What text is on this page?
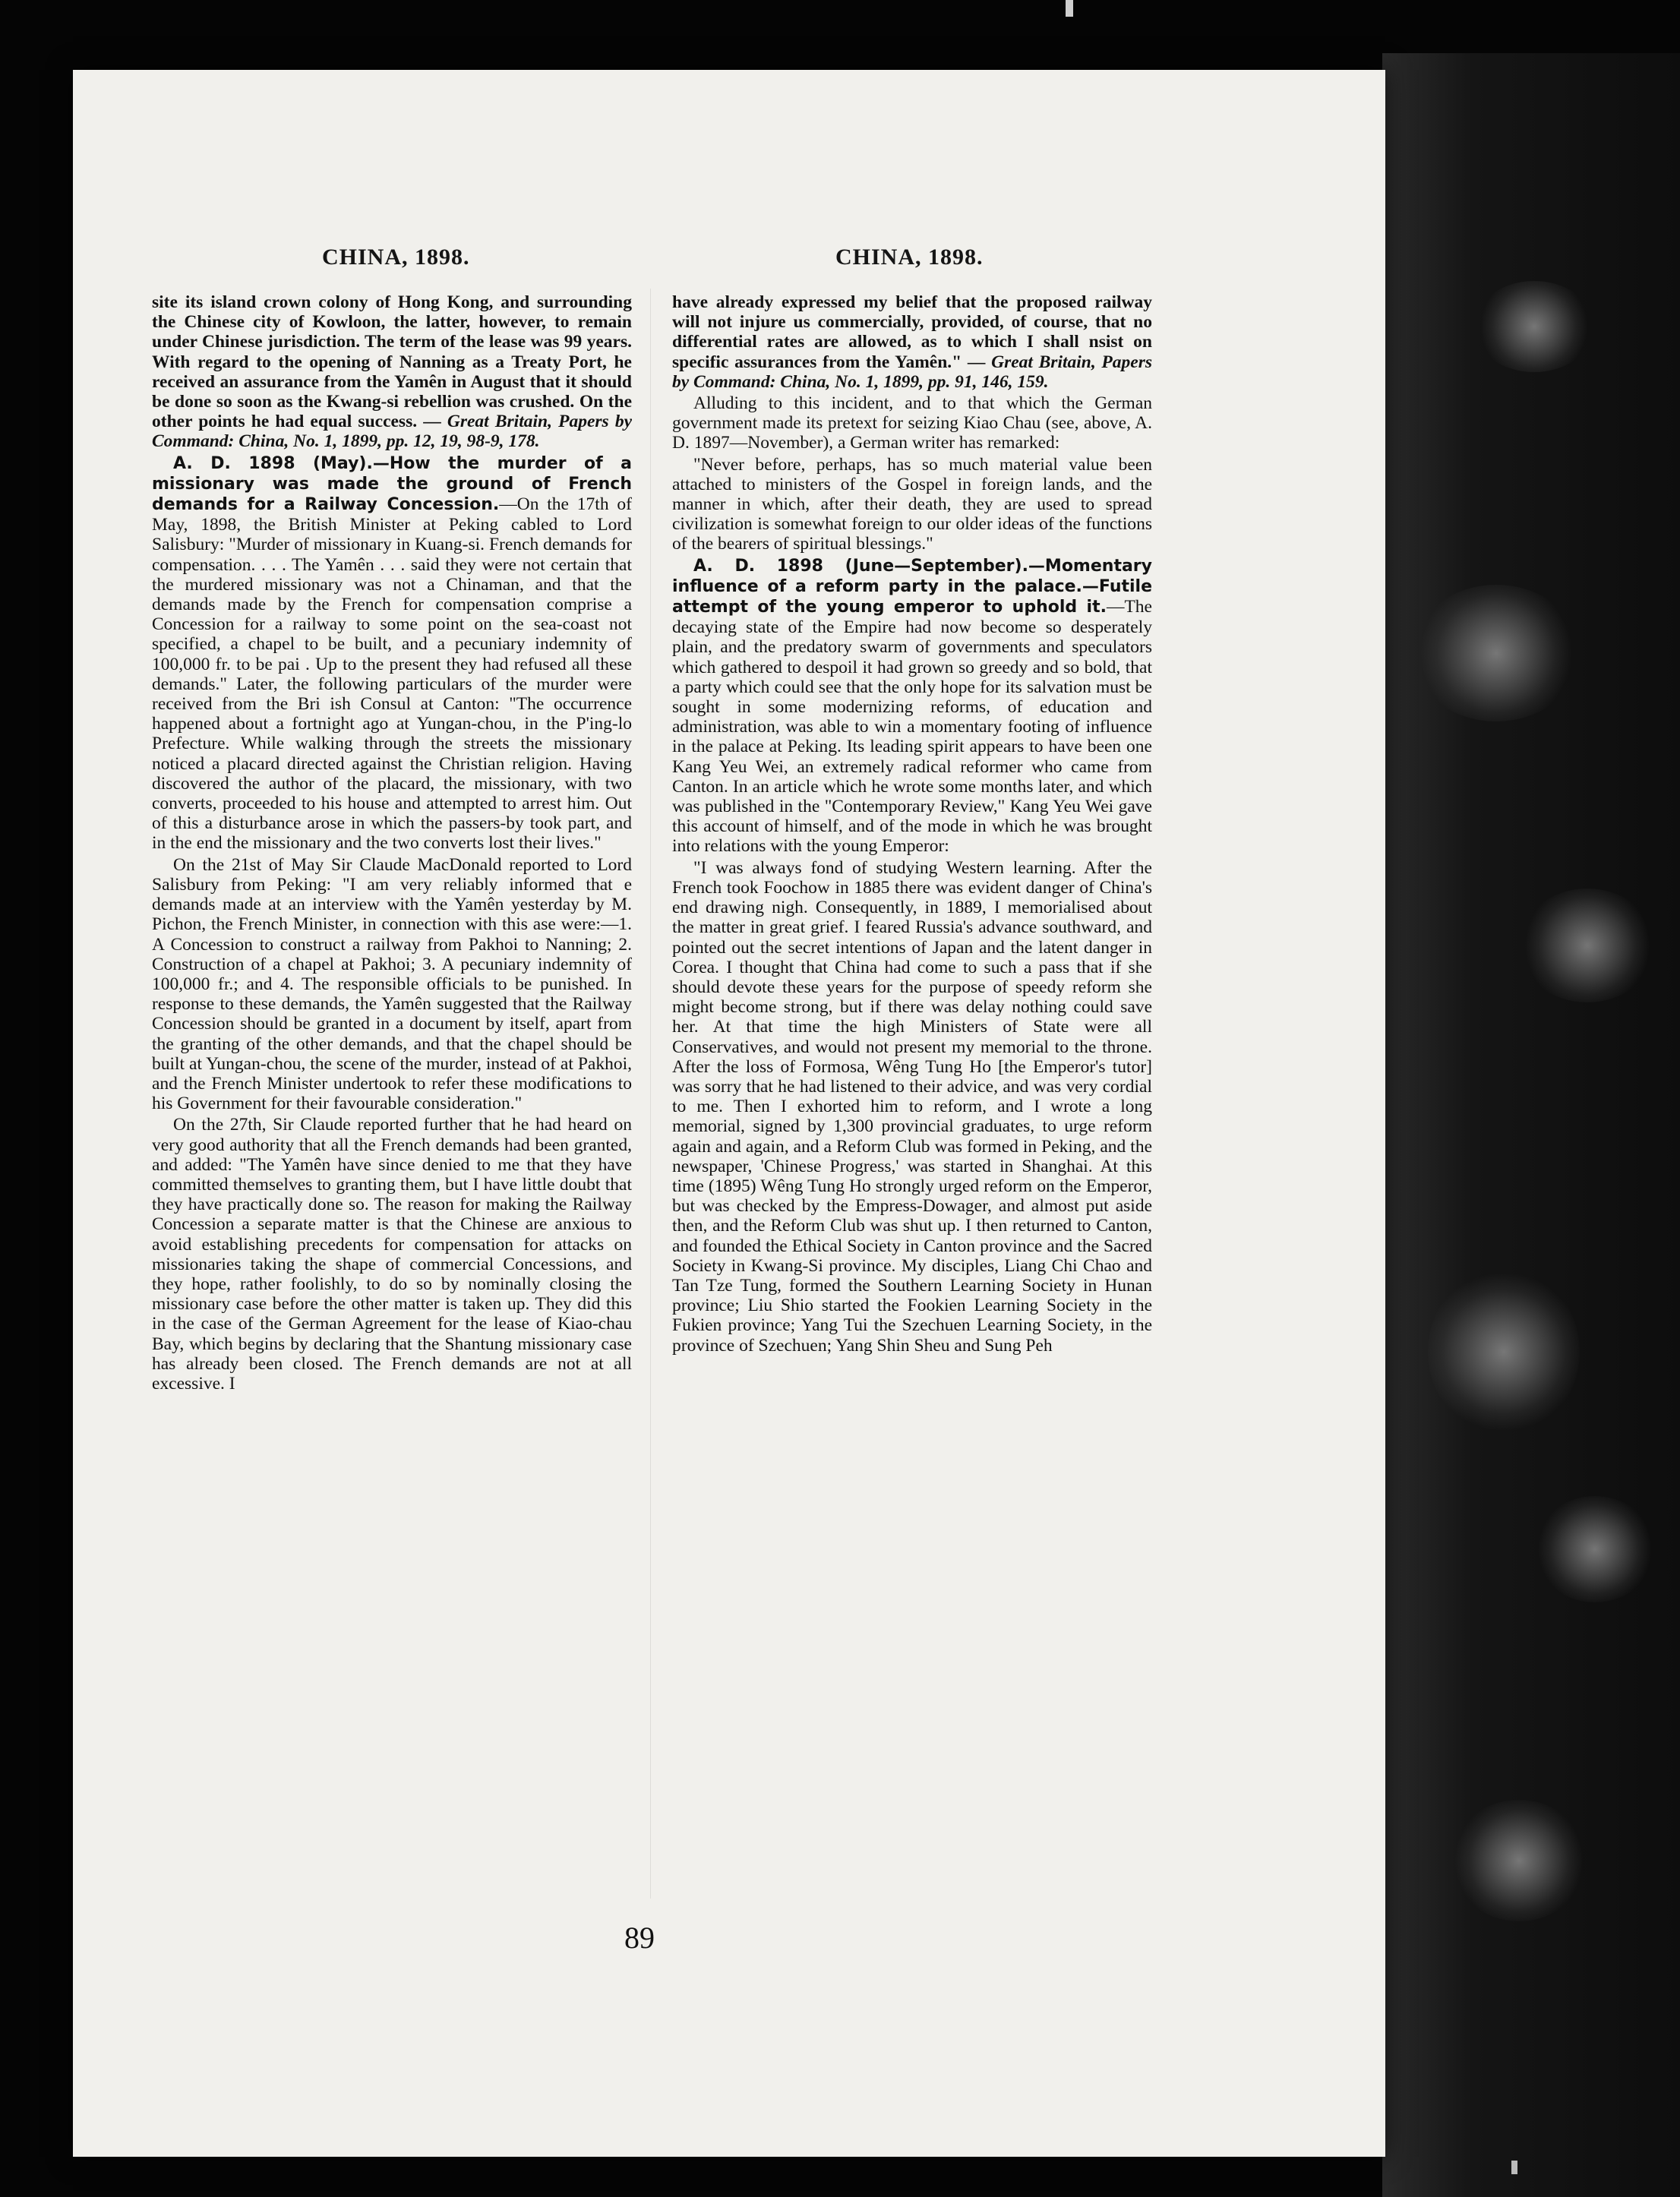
CHINA, 1898.	CHINA, 1898.

site its island crown colony of Hong Kong, and surrounding the Chinese city of Kowloon, the latter, however, to remain under Chinese jurisdiction. The term of the lease was 99 years. With regard to the opening of Nanning as a Treaty Port, he received an assurance from the Yamên in August that it should be done so soon as the Kwang-si rebellion was crushed. On the other points he had equal success. — Great Britain, Papers by Command: China, No. 1, 1899, pp. 12, 19, 98-9, 178.

A. D. 1898 (May).—How the murder of a missionary was made the ground of French demands for a Railway Concession.—On the 17th of May, 1898, the British Minister at Peking cabled to Lord Salisbury: "Murder of missionary in Kuang-si. French demands for compensation. . . . The Yamên . . . said they were not certain that the murdered missionary was not a Chinaman, and that the demands made by the French for compensation comprise a Concession for a railway to some point on the sea-coast not specified, a chapel to be built, and a pecuniary indemnity of 100,000 fr. to be pai . Up to the present they had refused all these demands." Later, the following particulars of the murder were received from the Bri ish Consul at Canton: "The occurrence happened about a fortnight ago at Yungan-chou, in the P'ing-lo Prefecture. While walking through the streets the missionary noticed a placard directed against the Christian religion. Having discovered the author of the placard, the missionary, with two converts, proceeded to his house and attempted to arrest him. Out of this a disturbance arose in which the passers-by took part, and in the end the missionary and the two converts lost their lives."

On the 21st of May Sir Claude MacDonald reported to Lord Salisbury from Peking: "I am very reliably informed that e demands made at an interview with the Yamên yesterday by M. Pichon, the French Minister, in connection with this ase were:—1. A Concession to construct a railway from Pakhoi to Nanning; 2. Construction of a chapel at Pakhoi; 3. A pecuniary indemnity of 100,000 fr.; and 4. The responsible officials to be punished. In response to these demands, the Yamên suggested that the Railway Concession should be granted in a document by itself, apart from the granting of the other demands, and that the chapel should be built at Yungan-chou, the scene of the murder, instead of at Pakhoi, and the French Minister undertook to refer these modifications to his Government for their favourable consideration."

On the 27th, Sir Claude reported further that he had heard on very good authority that all the French demands had been granted, and added: "The Yamên have since denied to me that they have committed themselves to granting them, but I have little doubt that they have practically done so. The reason for making the Railway Concession a separate matter is that the Chinese are anxious to avoid establishing precedents for compensation for attacks on missionaries taking the shape of commercial Concessions, and they hope, rather foolishly, to do so by nominally closing the missionary case before the other matter is taken up. They did this in the case of the German Agreement for the lease of Kiao-chau Bay, which begins by declaring that the Shantung missionary case has already been closed. The French demands are not at all excessive. I

have already expressed my belief that the proposed railway will not injure us commercially, provided, of course, that no differential rates are allowed, as to which I shall nsist on specific assurances from the Yamên." — Great Britain, Papers by Command: China, No. 1, 1899, pp. 91, 146, 159.

Alluding to this incident, and to that which the German government made its pretext for seizing Kiao Chau (see, above, A. D. 1897—November), a German writer has remarked:

"Never before, perhaps, has so much material value been attached to ministers of the Gospel in foreign lands, and the manner in which, after their death, they are used to spread civilization is somewhat foreign to our older ideas of the functions of the bearers of spiritual blessings."

A. D. 1898 (June—September).—Momentary influence of a reform party in the palace.—Futile attempt of the young emperor to uphold it.—The decaying state of the Empire had now become so desperately plain, and the predatory swarm of governments and speculators which gathered to despoil it had grown so greedy and so bold, that a party which could see that the only hope for its salvation must be sought in some modernizing reforms, of education and administration, was able to win a momentary footing of influence in the palace at Peking. Its leading spirit appears to have been one Kang Yeu Wei, an extremely radical reformer who came from Canton. In an article which he wrote some months later, and which was published in the "Contemporary Review," Kang Yeu Wei gave this account of himself, and of the mode in which he was brought into relations with the young Emperor:

"I was always fond of studying Western learning. After the French took Foochow in 1885 there was evident danger of China's end drawing nigh. Consequently, in 1889, I memorialised about the matter in great grief. I feared Russia's advance southward, and pointed out the secret intentions of Japan and the latent danger in Corea. I thought that China had come to such a pass that if she should devote these years for the purpose of speedy reform she might become strong, but if there was delay nothing could save her. At that time the high Ministers of State were all Conservatives, and would not present my memorial to the throne. After the loss of Formosa, Wêng Tung Ho [the Emperor's tutor] was sorry that he had listened to their advice, and was very cordial to me. Then I exhorted him to reform, and I wrote a long memorial, signed by 1,300 provincial graduates, to urge reform again and again, and a Reform Club was formed in Peking, and the newspaper, 'Chinese Progress,' was started in Shanghai. At this time (1895) Wêng Tung Ho strongly urged reform on the Emperor, but was checked by the Empress-Dowager, and almost put aside then, and the Reform Club was shut up. I then returned to Canton, and founded the Ethical Society in Canton province and the Sacred Society in Kwang-Si province. My disciples, Liang Chi Chao and Tan Tze Tung, formed the Southern Learning Society in Hunan province; Liu Shio started the Fookien Learning Society in the Fukien province; Yang Tui the Szechuen Learning Society, in the province of Szechuen; Yang Shin Sheu and Sung Peh

89
